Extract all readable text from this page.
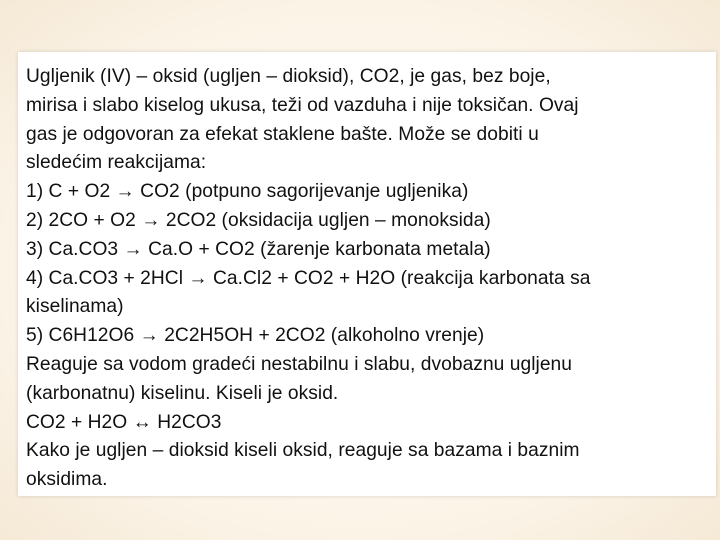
Ugljenik (IV) – oksid (ugljen – dioksid), CO2, je gas, bez boje,
mirisa i slabo kiselog ukusa, teži od vazduha i nije toksičan. Ovaj
gas je odgovoran za efekat staklene bašte. Može se dobiti u
sledećim reakcijama:
1) C + O2 → CO2 (potpuno sagorijevanje ugljenika)
2) 2CO + O2 → 2CO2 (oksidacija ugljen – monoksida)
3) Ca.CO3 → Ca.O + CO2 (žarenje karbonata metala)
4) Ca.CO3 + 2HCl → Ca.Cl2 + CO2 + H2O (reakcija karbonata sa
kiselinama)
5) C6H12O6 → 2C2H5OH + 2CO2 (alkoholno vrenje)
Reaguje sa vodom gradeći nestabilnu i slabu, dvobaznu ugljenu
(karbonatnu) kiselinu. Kiseli je oksid.
CO2 + H2O ↔ H2CO3
Kako je ugljen – dioksid kiseli oksid, reaguje sa bazama i baznim
oksidima.
